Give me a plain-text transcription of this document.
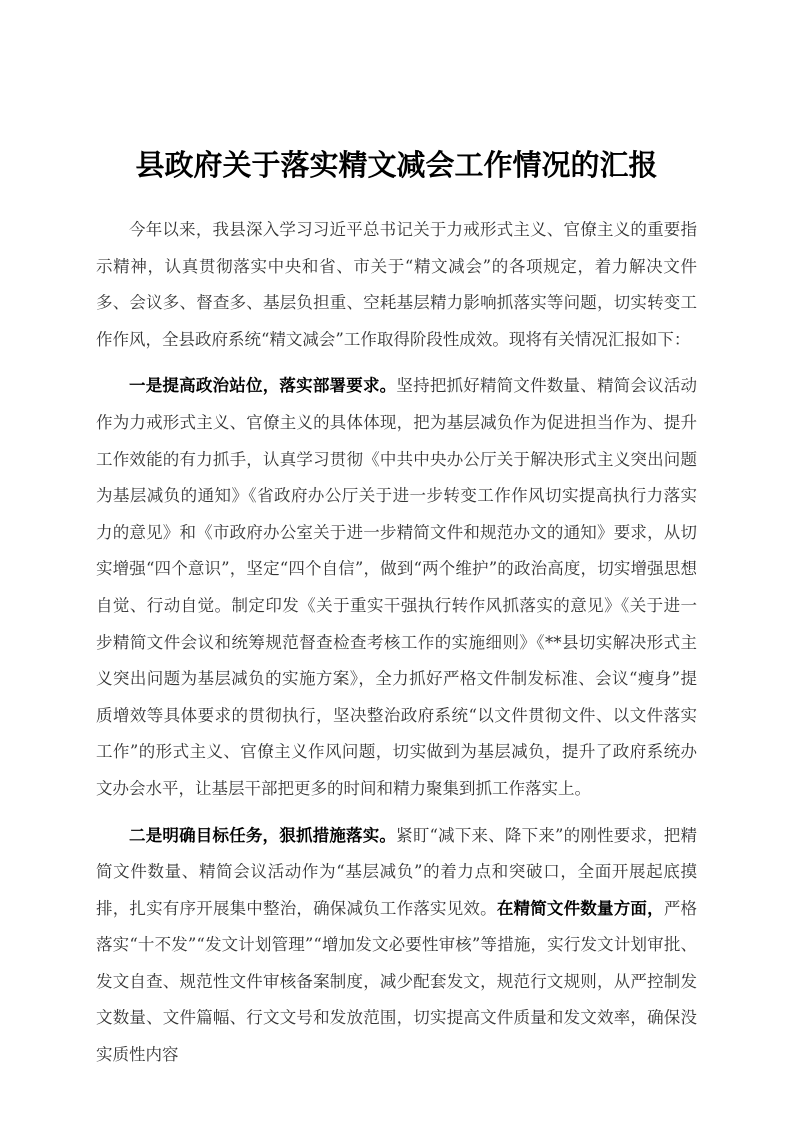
县政府关于落实精文减会工作情况的汇报

今年以来，我县深入学习习近平总书记关于力戒形式主义、官僚主义的重要指示精神，认真贯彻落实中央和省、市关于“精文减会”的各项规定，着力解决文件多、会议多、督查多、基层负担重、空耗基层精力影响抓落实等问题，切实转变工作作风，全县政府系统“精文减会”工作取得阶段性成效。现将有关情况汇报如下：

一是提高政治站位，落实部署要求。坚持把抓好精简文件数量、精简会议活动作为力戒形式主义、官僚主义的具体体现，把为基层减负作为促进担当作为、提升工作效能的有力抓手，认真学习贯彻《中共中央办公厅关于解决形式主义突出问题为基层减负的通知》《省政府办公厅关于进一步转变工作作风切实提高执行力落实力的意见》和《市政府办公室关于进一步精简文件和规范办文的通知》要求，从切实增强“四个意识”，坚定“四个自信”，做到“两个维护”的政治高度，切实增强思想自觉、行动自觉。制定印发《关于重实干强执行转作风抓落实的意见》《关于进一步精简文件会议和统筹规范督查检查考核工作的实施细则》《**县切实解决形式主义突出问题为基层减负的实施方案》，全力抓好严格文件制发标准、会议“瘦身”提质增效等具体要求的贯彻执行，坚决整治政府系统“以文件贯彻文件、以文件落实工作”的形式主义、官僚主义作风问题，切实做到为基层减负，提升了政府系统办文办会水平，让基层干部把更多的时间和精力聚集到抓工作落实上。

二是明确目标任务，狠抓措施落实。紧盯“减下来、降下来”的刚性要求，把精简文件数量、精简会议活动作为“基层减负”的着力点和突破口，全面开展起底摸排，扎实有序开展集中整治，确保减负工作落实见效。在精简文件数量方面，严格落实“十不发”“发文计划管理”“增加发文必要性审核”等措施，实行发文计划审批、发文自查、规范性文件审核备案制度，减少配套发文，规范行文规则，从严控制发文数量、文件篇幅、行文文号和发放范围，切实提高文件质量和发文效率，确保没实质性内容
